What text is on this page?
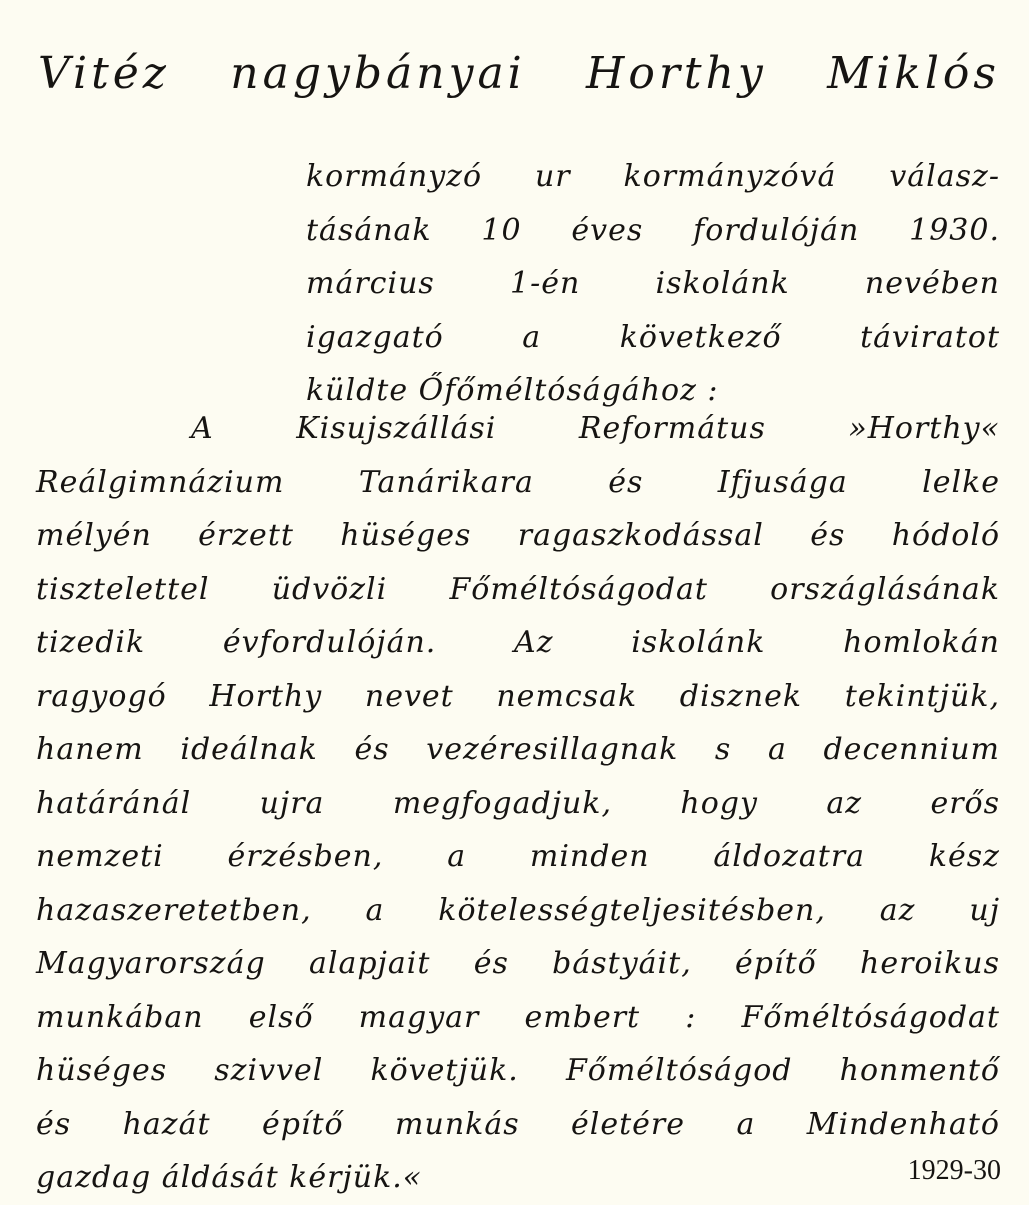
Vitéz nagybányai Horthy Miklós
kormányzó ur kormányzóvá válasz-
tásának 10 éves fordulóján 1930.
március 1-én iskolánk nevében
igazgató a következő táviratot
küldte Őfőméltóságához :
A Kisujszállási Református »Horthy«
Reálgimnázium Tanárikara és Ifjusága lelke
mélyén érzett hüséges ragaszkodással és hódoló
tisztelettel üdvözli Főméltóságodat országlásának
tizedik évfordulóján. Az iskolánk homlokán
ragyogó Horthy nevet nemcsak disznek tekintjük,
hanem ideálnak és vezéresillagnak s a decennium
határánál ujra megfogadjuk, hogy az erős
nemzeti érzésben, a minden áldozatra kész
hazaszeretetben, a kötelességteljesitésben, az uj
Magyarország alapjait és bástyáit, építő heroikus
munkában első magyar embert : Főméltóságodat
hüséges szivvel követjük. Főméltóságod honmentő
és hazát építő munkás életére a Mindenható
gazdag áldását kérjük.«	1929-30
